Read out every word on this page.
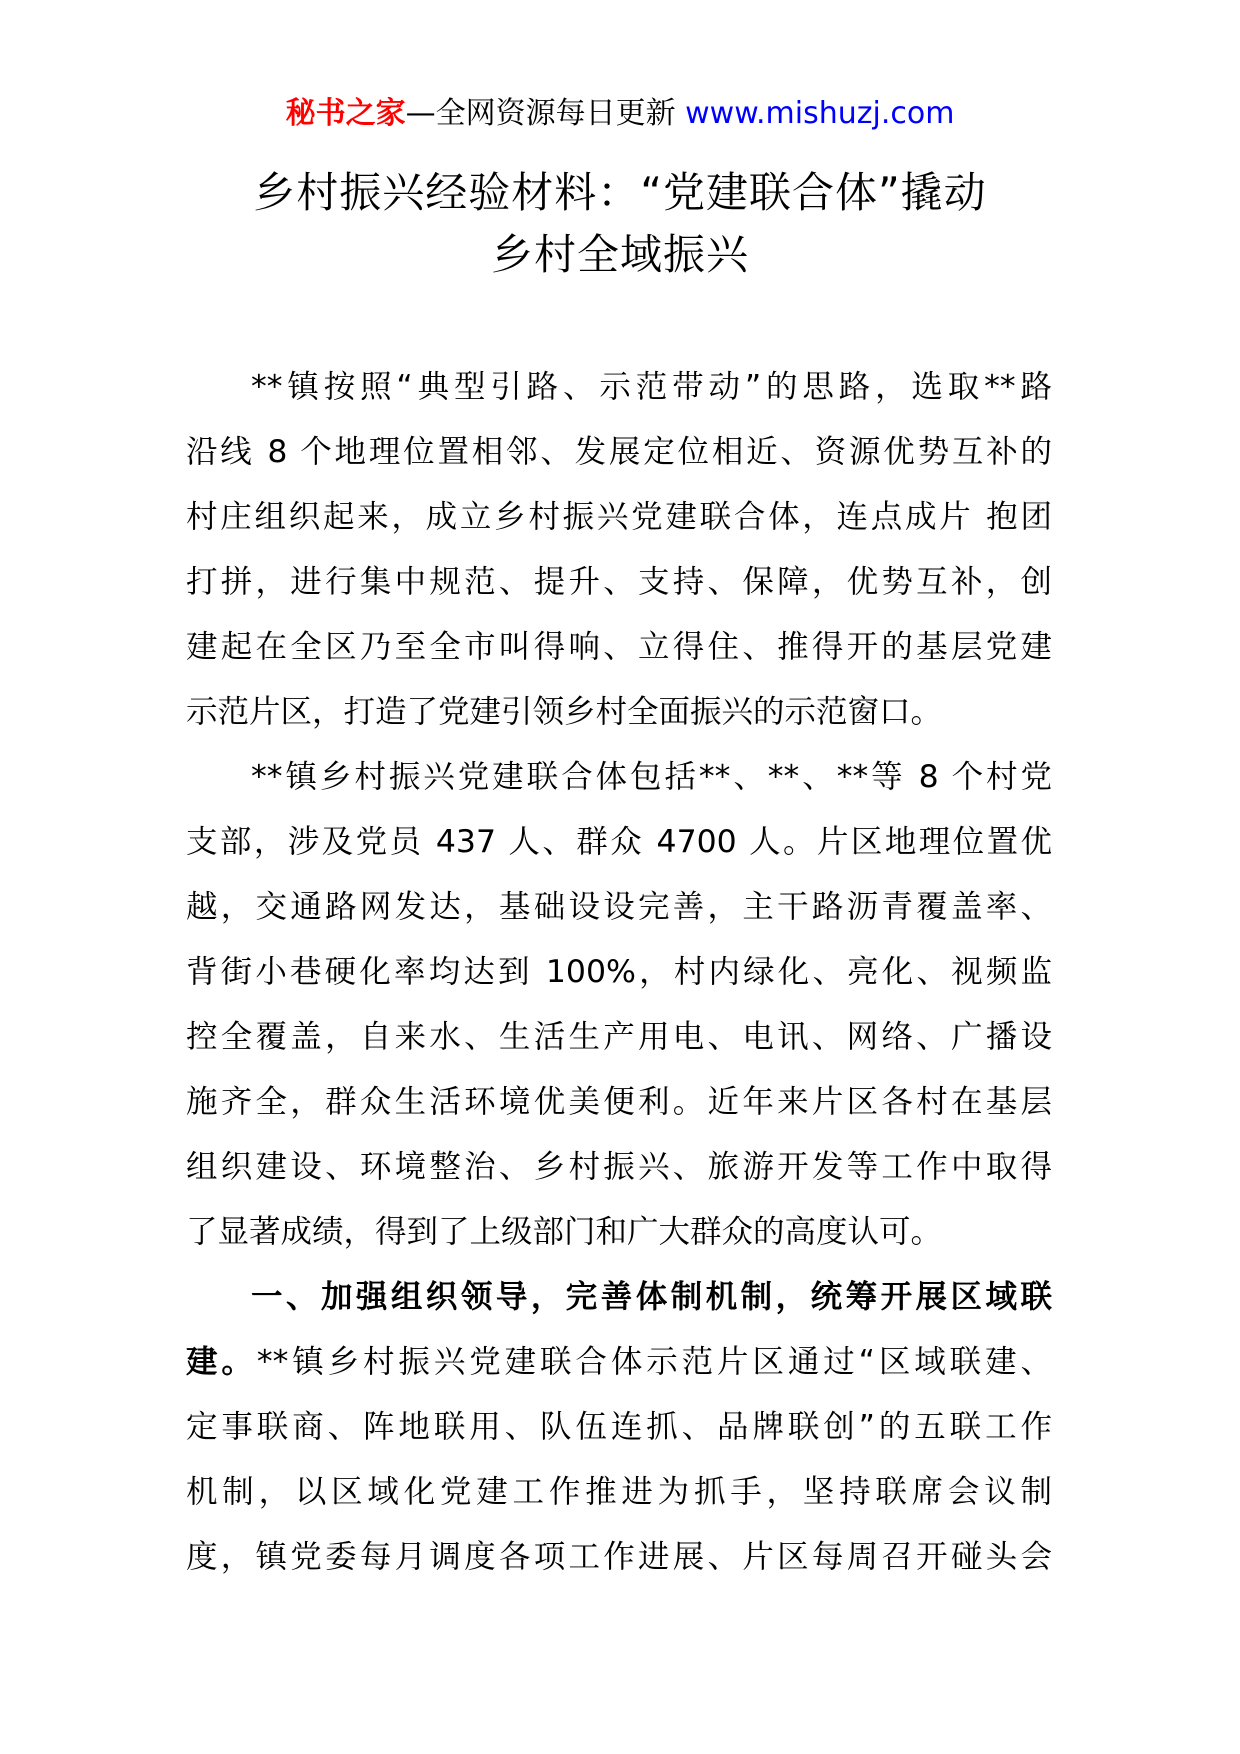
秘书之家—全网资源每日更新 www.mishuzj.com
乡村振兴经验材料：“党建联合体”撬动
乡村全域振兴
**镇按照“典型引路、示范带动”的思路，选取**路
沿线 8 个地理位置相邻、发展定位相近、资源优势互补的
村庄组织起来，成立乡村振兴党建联合体，连点成片 抱团
打拼，进行集中规范、提升、支持、保障，优势互补，创
建起在全区乃至全市叫得响、立得住、推得开的基层党建
示范片区，打造了党建引领乡村全面振兴的示范窗口。
**镇乡村振兴党建联合体包括**、**、**等 8 个村党
支部，涉及党员 437 人、群众 4700 人。片区地理位置优
越，交通路网发达，基础设设完善，主干路沥青覆盖率、
背街小巷硬化率均达到 100%，村内绿化、亮化、视频监
控全覆盖，自来水、生活生产用电、电讯、网络、广播设
施齐全，群众生活环境优美便利。近年来片区各村在基层
组织建设、环境整治、乡村振兴、旅游开发等工作中取得
了显著成绩，得到了上级部门和广大群众的高度认可。
一、加强组织领导，完善体制机制，统筹开展区域联
建。**镇乡村振兴党建联合体示范片区通过“区域联建、
定事联商、阵地联用、队伍连抓、品牌联创”的五联工作
机制，以区域化党建工作推进为抓手，坚持联席会议制
度，镇党委每月调度各项工作进展、片区每周召开碰头会
